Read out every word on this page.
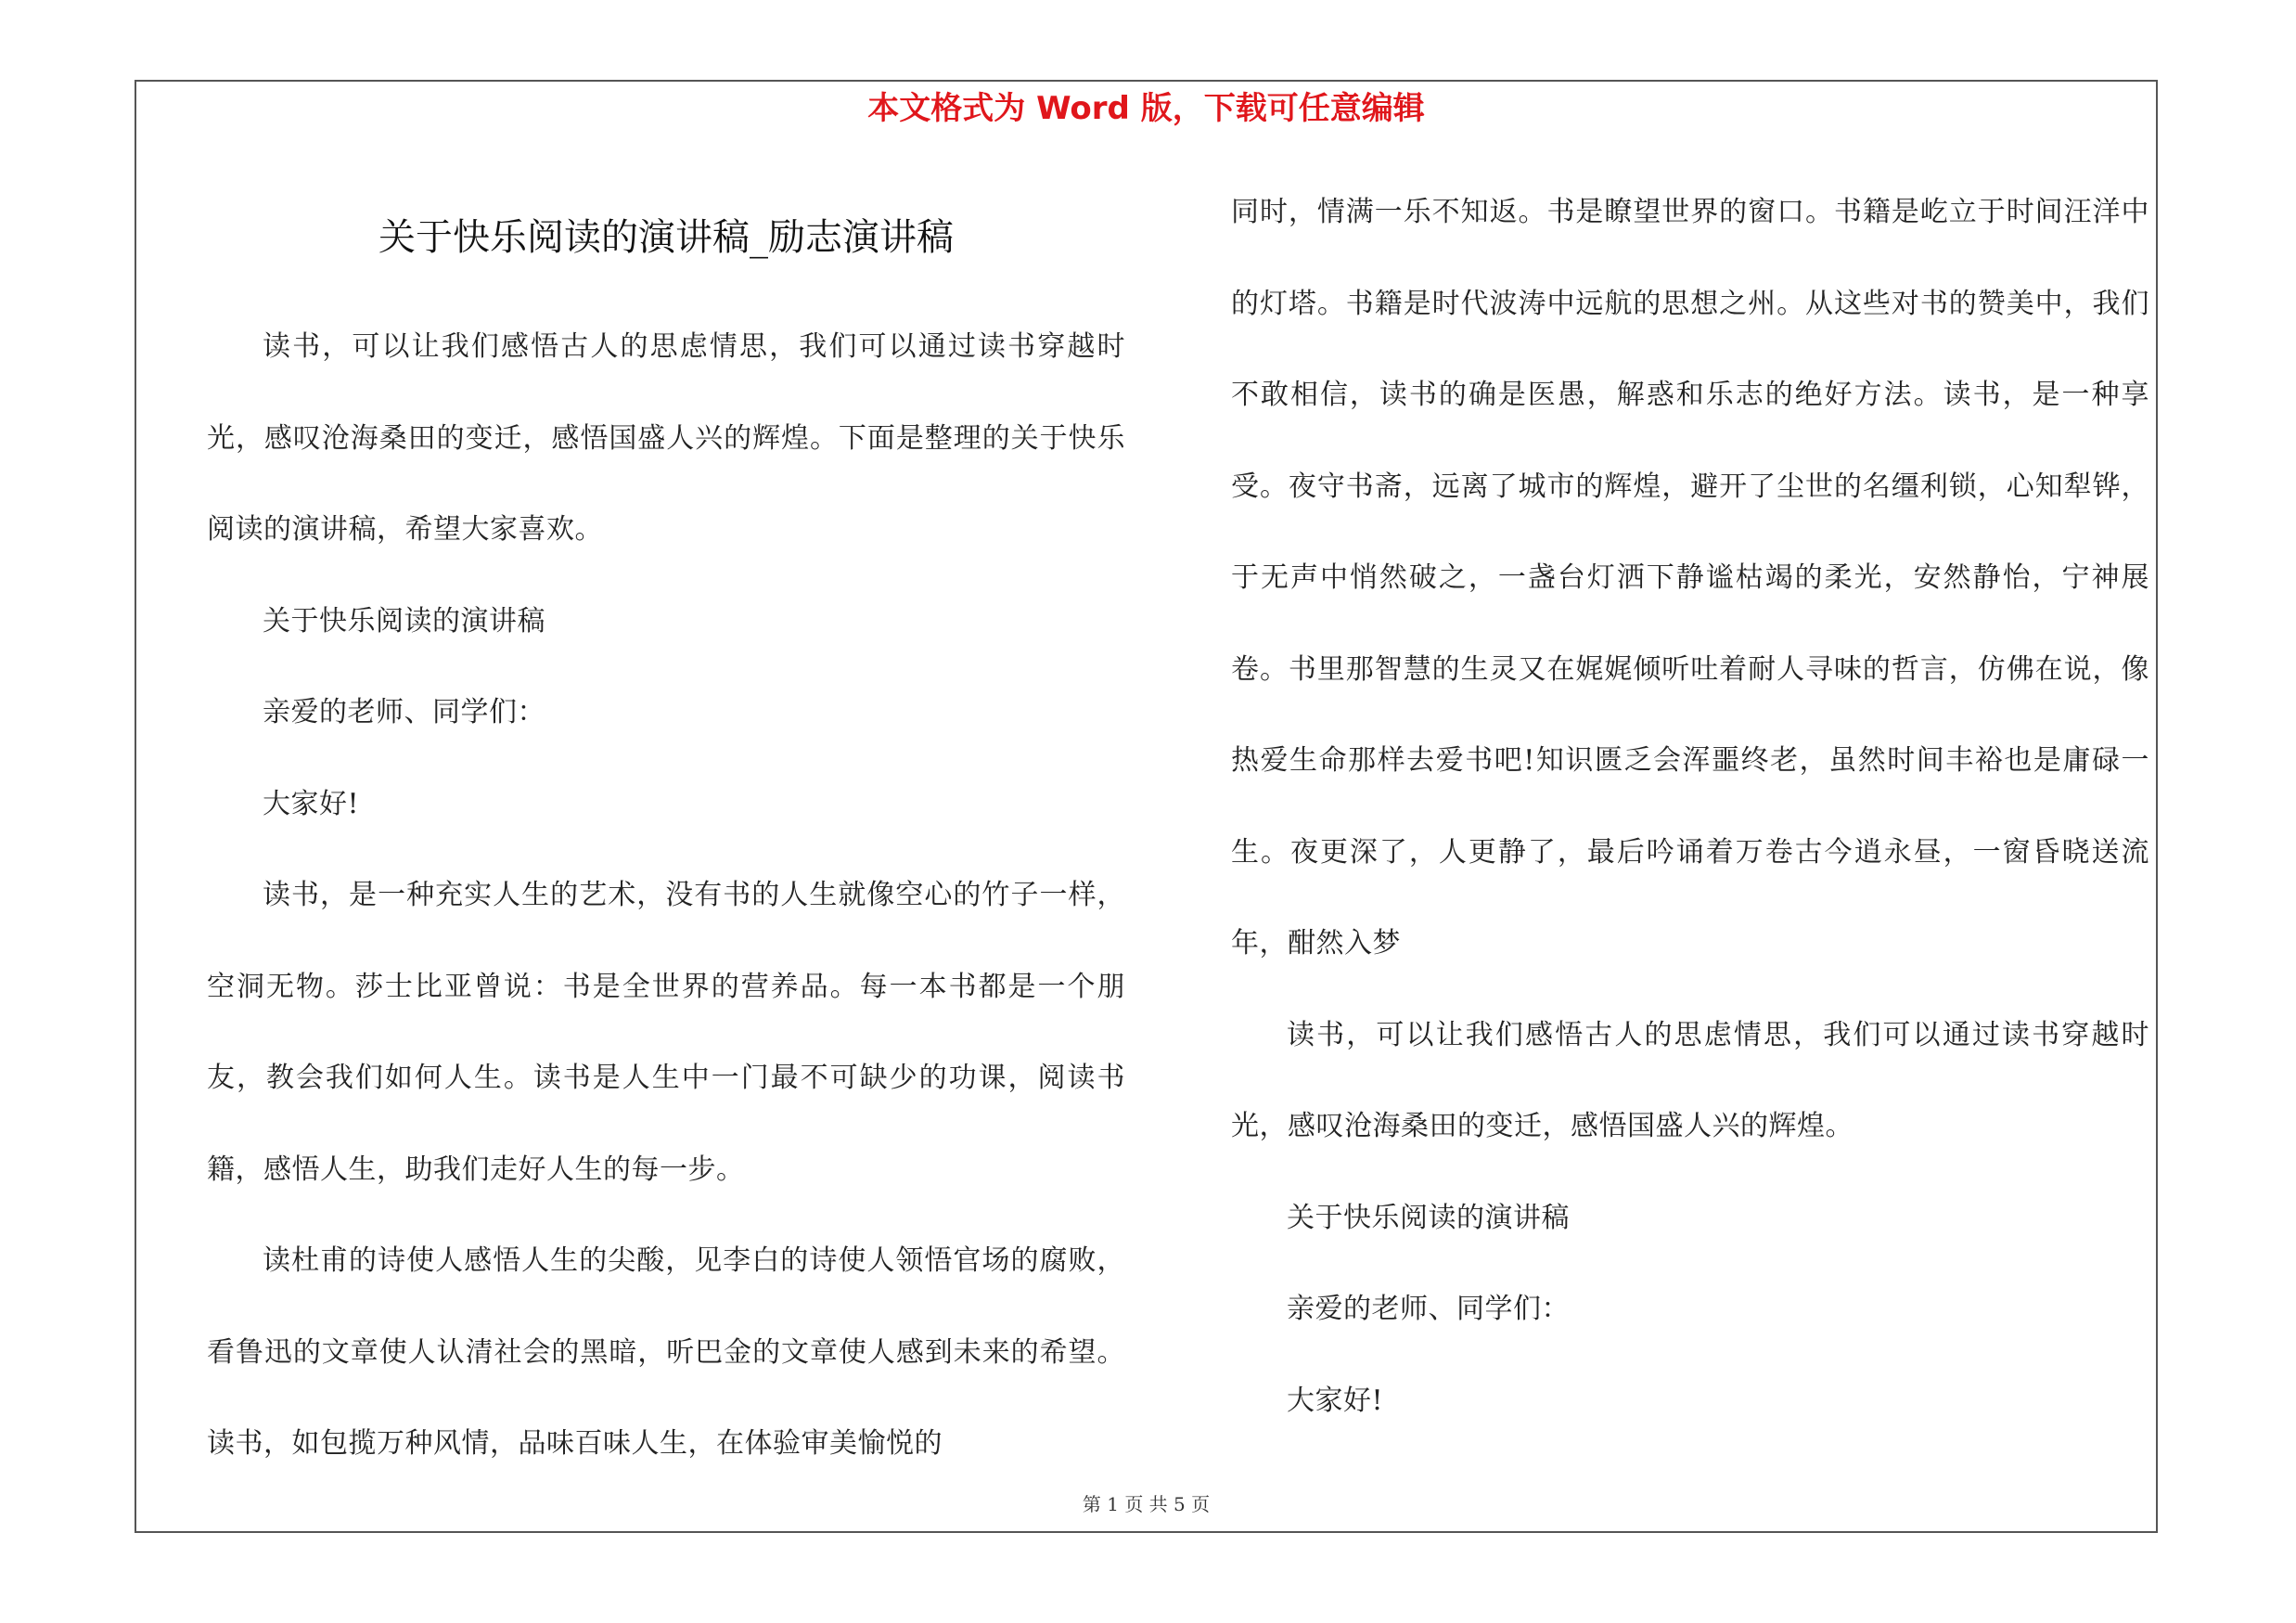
本文格式为 Word 版，下载可任意编辑
关于快乐阅读的演讲稿_励志演讲稿

读书，可以让我们感悟古人的思虑情思，我们可以通过读书穿越时光，感叹沧海桑田的变迁，感悟国盛人兴的辉煌。下面是整理的关于快乐阅读的演讲稿，希望大家喜欢。

关于快乐阅读的演讲稿

亲爱的老师、同学们：

大家好!

读书，是一种充实人生的艺术，没有书的人生就像空心的竹子一样，空洞无物。莎士比亚曾说：书是全世界的营养品。每一本书都是一个朋友，教会我们如何人生。读书是人生中一门最不可缺少的功课，阅读书籍，感悟人生，助我们走好人生的每一步。

读杜甫的诗使人感悟人生的尖酸，见李白的诗使人领悟官场的腐败，看鲁迅的文章使人认清社会的黑暗，听巴金的文章使人感到未来的希望。读书，如包揽万种风情，品味百味人生，在体验审美愉悦的

同时，情满一乐不知返。书是瞭望世界的窗口。书籍是屹立于时间汪洋中的灯塔。书籍是时代波涛中远航的思想之州。从这些对书的赞美中，我们不敢相信，读书的确是医愚，解惑和乐志的绝好方法。读书，是一种享受。夜守书斋，远离了城市的辉煌，避开了尘世的名缰利锁，心知犁铧，于无声中悄然破之，一盏台灯洒下静谧枯竭的柔光，安然静怡，宁神展卷。书里那智慧的生灵又在娓娓倾听吐着耐人寻味的哲言，仿佛在说，像热爱生命那样去爱书吧!知识匮乏会浑噩终老，虽然时间丰裕也是庸碌一生。夜更深了，人更静了，最后吟诵着万卷古今逍永昼，一窗昏晓送流年，酣然入梦

读书，可以让我们感悟古人的思虑情思，我们可以通过读书穿越时光，感叹沧海桑田的变迁，感悟国盛人兴的辉煌。

关于快乐阅读的演讲稿

亲爱的老师、同学们：

大家好!

第 1 页 共 5 页
